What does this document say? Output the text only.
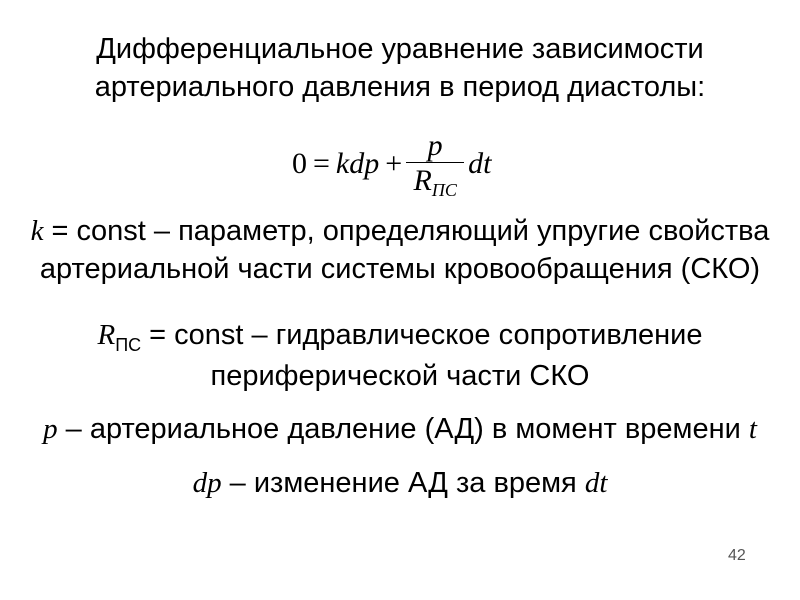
Дифференциальное уравнение зависимости
артериального давления в период диастолы:
0 = kdp + $\frac{p}{R_{ПС}}$ dt
k = const – параметр, определяющий упругие свойства
артериальной части системы кровообращения (СКО)
$R_{ПС}$ = const – гидравлическое сопротивление
периферической части СКО
p – артериальное давление (АД) в момент времени t
dp – изменение АД за время dt
42
